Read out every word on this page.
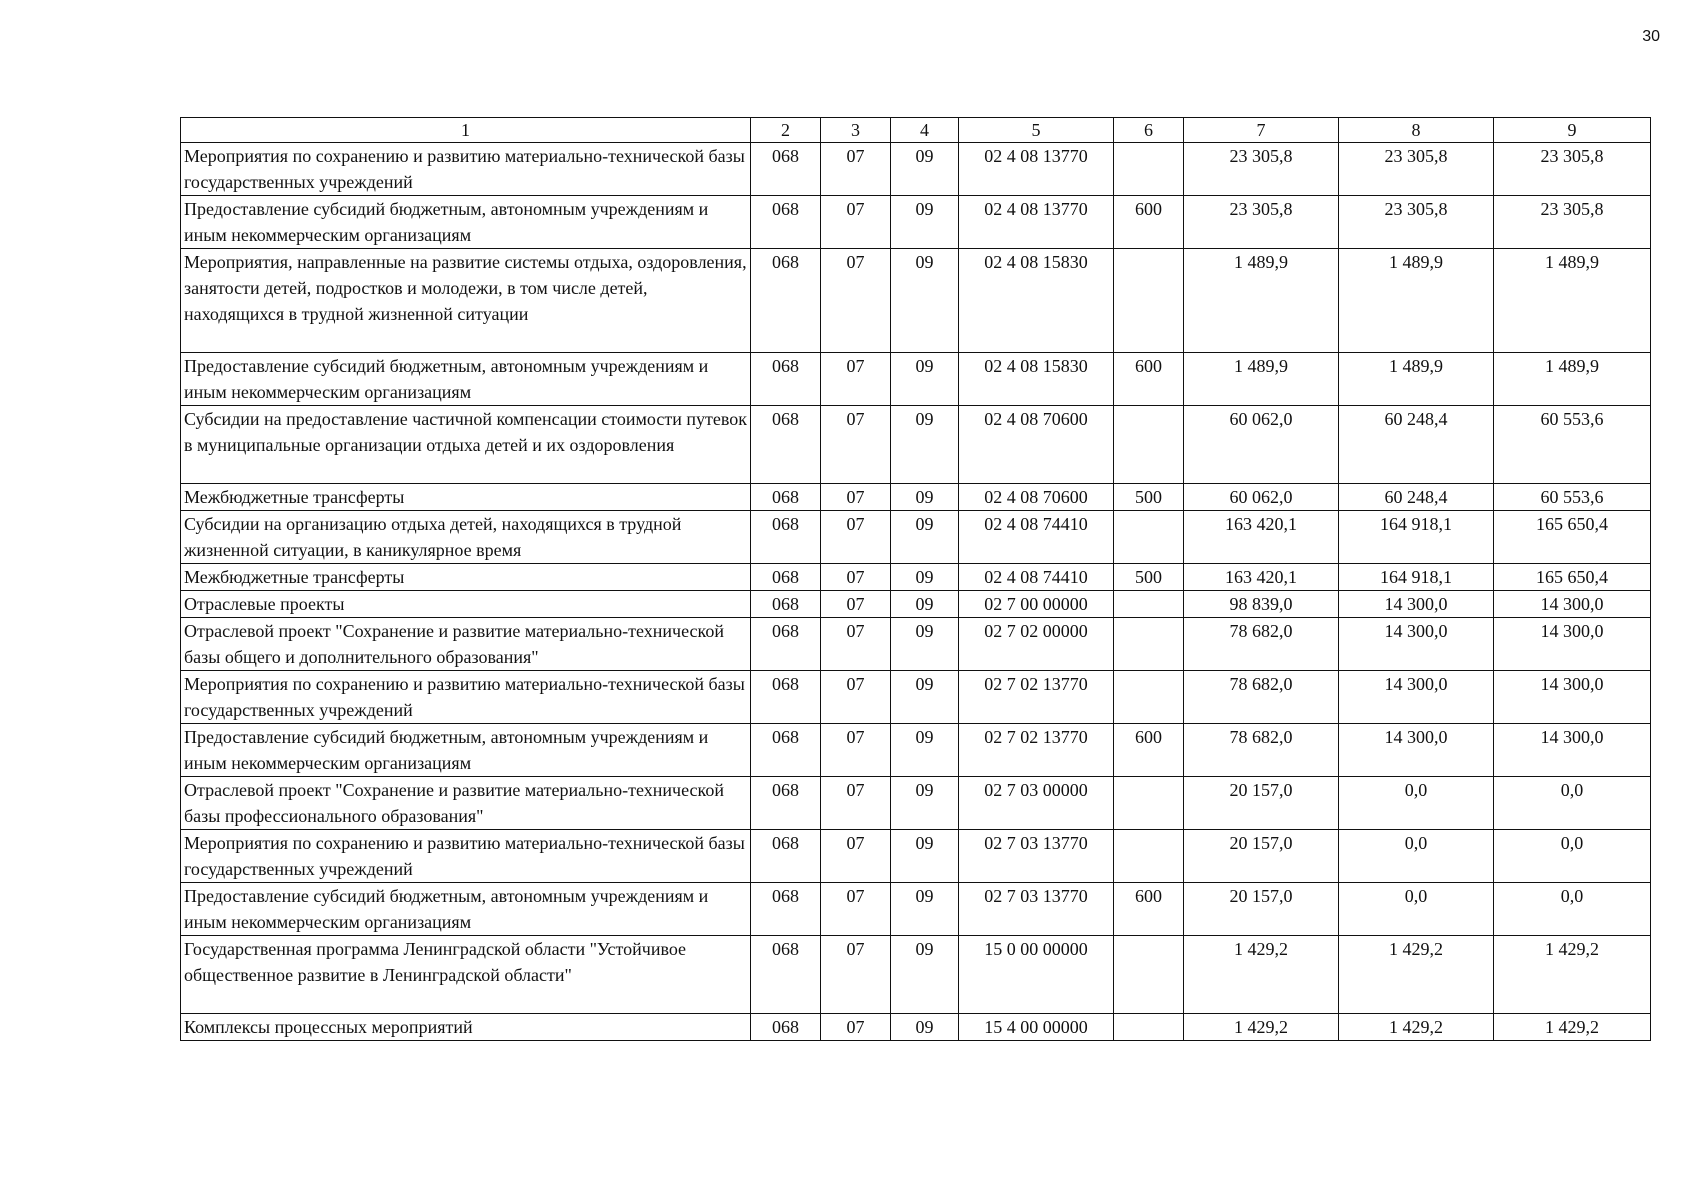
30
1	2	3	4	5	6	7	8	9
Мероприятия по сохранению и развитию материально-технической базы государственных учреждений	068	07	09	02 4 08 13770		23 305,8	23 305,8	23 305,8
Предоставление субсидий бюджетным, автономным учреждениям и иным некоммерческим организациям	068	07	09	02 4 08 13770	600	23 305,8	23 305,8	23 305,8
Мероприятия, направленные на развитие системы отдыха, оздоровления, занятости детей, подростков и молодежи, в том числе детей, находящихся в трудной жизненной ситуации	068	07	09	02 4 08 15830		1 489,9	1 489,9	1 489,9
Предоставление субсидий бюджетным, автономным учреждениям и иным некоммерческим организациям	068	07	09	02 4 08 15830	600	1 489,9	1 489,9	1 489,9
Субсидии на предоставление частичной компенсации стоимости путевок в муниципальные организации отдыха детей и их оздоровления	068	07	09	02 4 08 70600		60 062,0	60 248,4	60 553,6
Межбюджетные трансферты	068	07	09	02 4 08 70600	500	60 062,0	60 248,4	60 553,6
Субсидии на организацию отдыха детей, находящихся в трудной жизненной ситуации, в каникулярное время	068	07	09	02 4 08 74410		163 420,1	164 918,1	165 650,4
Межбюджетные трансферты	068	07	09	02 4 08 74410	500	163 420,1	164 918,1	165 650,4
Отраслевые проекты	068	07	09	02 7 00 00000		98 839,0	14 300,0	14 300,0
Отраслевой проект "Сохранение и развитие материально-технической базы общего и дополнительного образования"	068	07	09	02 7 02 00000		78 682,0	14 300,0	14 300,0
Мероприятия по сохранению и развитию материально-технической базы государственных учреждений	068	07	09	02 7 02 13770		78 682,0	14 300,0	14 300,0
Предоставление субсидий бюджетным, автономным учреждениям и иным некоммерческим организациям	068	07	09	02 7 02 13770	600	78 682,0	14 300,0	14 300,0
Отраслевой проект "Сохранение и развитие материально-технической базы профессионального образования"	068	07	09	02 7 03 00000		20 157,0	0,0	0,0
Мероприятия по сохранению и развитию материально-технической базы государственных учреждений	068	07	09	02 7 03 13770		20 157,0	0,0	0,0
Предоставление субсидий бюджетным, автономным учреждениям и иным некоммерческим организациям	068	07	09	02 7 03 13770	600	20 157,0	0,0	0,0
Государственная программа Ленинградской области "Устойчивое общественное развитие в Ленинградской области"	068	07	09	15 0 00 00000		1 429,2	1 429,2	1 429,2
Комплексы процессных мероприятий	068	07	09	15 4 00 00000		1 429,2	1 429,2	1 429,2
